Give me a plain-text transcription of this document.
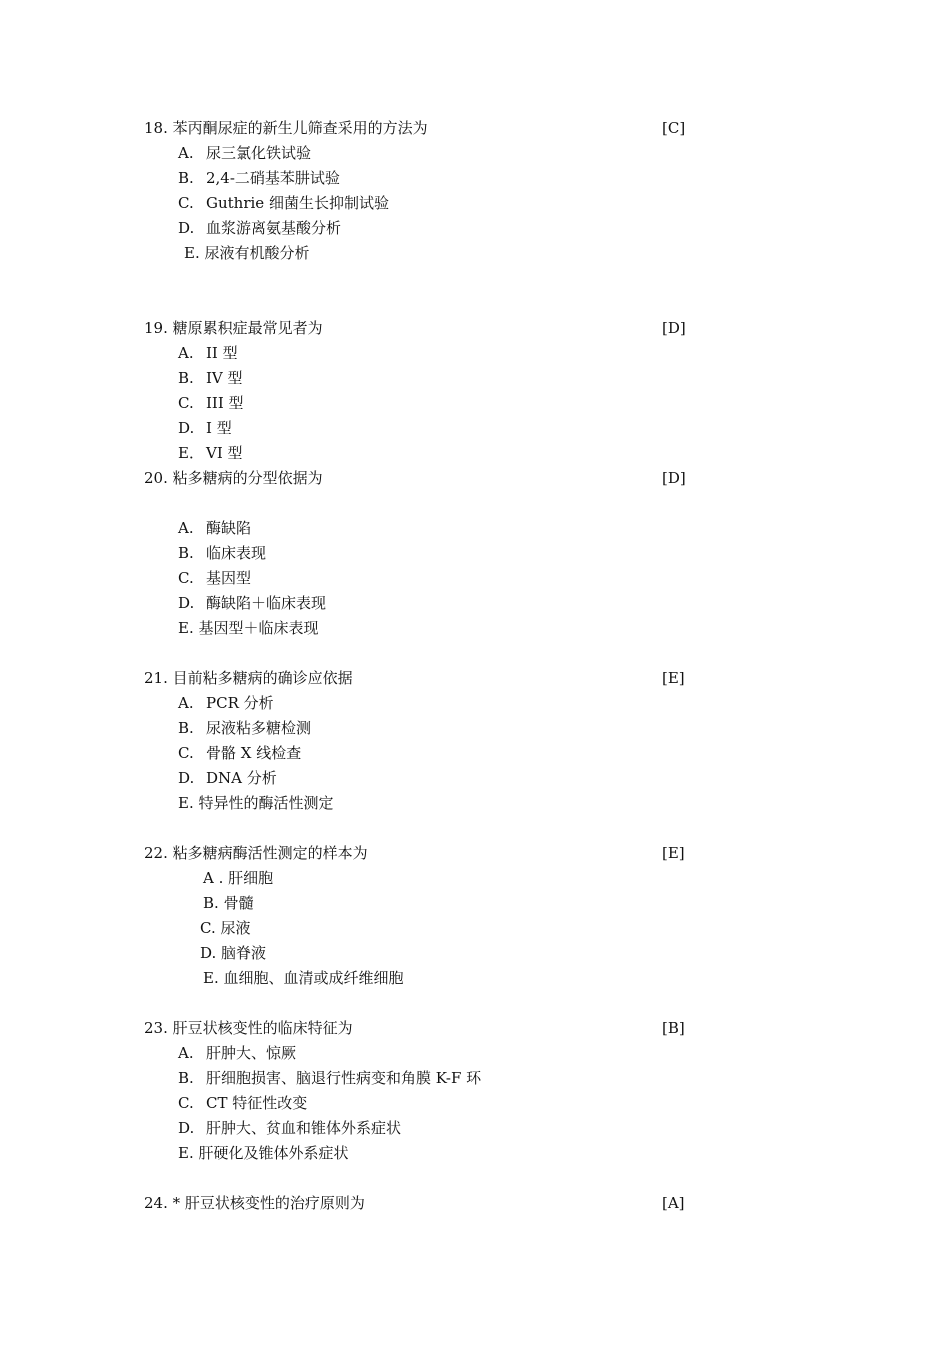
18. 苯丙酮尿症的新生儿筛查采用的方法为	[C]
A. 尿三氯化铁试验
B. 2,4-二硝基苯肼试验
C. Guthrie 细菌生长抑制试验
D. 血浆游离氨基酸分析
E. 尿液有机酸分析
19. 糖原累积症最常见者为	[D]
A. II 型
B. IV 型
C. III 型
D. I 型
E． VI 型
20. 粘多糖病的分型依据为	[D]
A. 酶缺陷
B. 临床表现
C. 基因型
D. 酶缺陷＋临床表现
E. 基因型＋临床表现
21. 目前粘多糖病的确诊应依据	[E]
A. PCR 分析
B. 尿液粘多糖检测
C. 骨骼 X 线检查
D. DNA 分析
E. 特异性的酶活性测定
22. 粘多糖病酶活性测定的样本为	[E]
A . 肝细胞
B. 骨髓
C. 尿液
D. 脑脊液
E. 血细胞、血清或成纤维细胞
23. 肝豆状核变性的临床特征为	[B]
A. 肝肿大、惊厥
B. 肝细胞损害、脑退行性病变和角膜 K-F 环
C. CT 特征性改变
D. 肝肿大、贫血和锥体外系症状
E. 肝硬化及锥体外系症状
24. * 肝豆状核变性的治疗原则为	[A]
